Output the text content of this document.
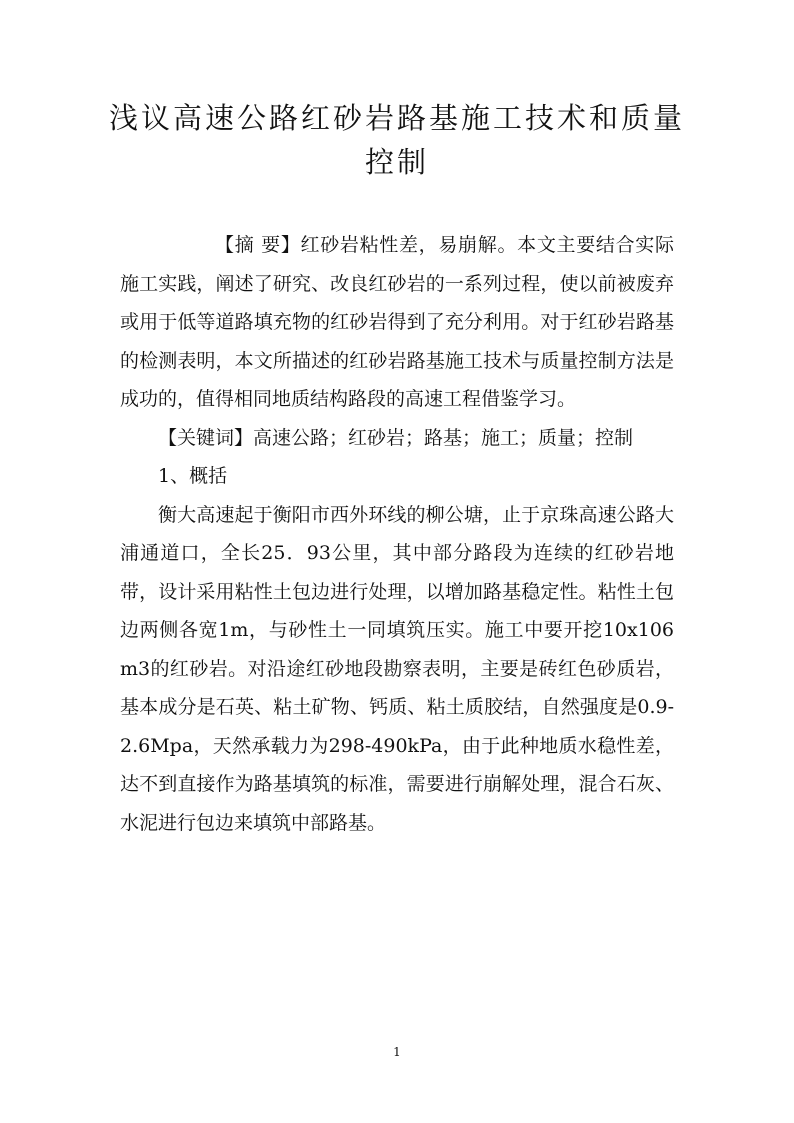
浅议高速公路红砂岩路基施工技术和质量
控制

【摘 要】红砂岩粘性差，易崩解。本文主要结合实际施工实践，阐述了研究、改良红砂岩的一系列过程，使以前被废弃或用于低等道路填充物的红砂岩得到了充分利用。对于红砂岩路基的检测表明，本文所描述的红砂岩路基施工技术与质量控制方法是成功的，值得相同地质结构路段的高速工程借鉴学习。

【关键词】高速公路；红砂岩；路基；施工；质量；控制

1、概括

衡大高速起于衡阳市西外环线的柳公塘，止于京珠高速公路大浦通道口，全长25．93公里，其中部分路段为连续的红砂岩地带，设计采用粘性土包边进行处理，以增加路基稳定性。粘性土包边两侧各宽1m，与砂性土一同填筑压实。施工中要开挖10x106m3的红砂岩。对沿途红砂地段勘察表明，主要是砖红色砂质岩，基本成分是石英、粘土矿物、钙质、粘土质胶结，自然强度是0.9-2.6Mpa，天然承载力为298-490kPa，由于此种地质水稳性差，达不到直接作为路基填筑的标准，需要进行崩解处理，混合石灰、水泥进行包边来填筑中部路基。

1
